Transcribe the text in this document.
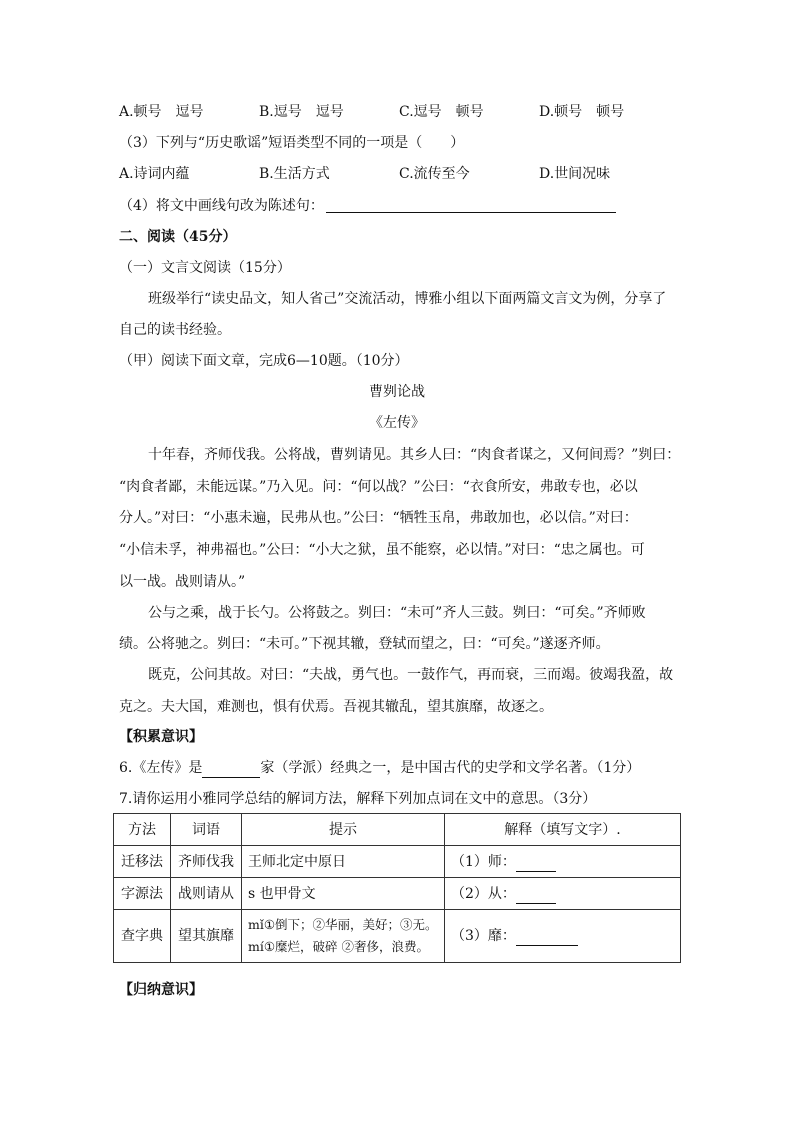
A.顿号　逗号	B.逗号　逗号	C.逗号　顿号	D.顿号　顿号
（3）下列与“历史歌谣”短语类型不同的一项是（　　）
A.诗词内蕴	B.生活方式	C.流传至今	D.世间况味
（4）将文中画线句改为陈述句：
二、阅读（45分）
（一）文言文阅读（15分）
班级举行“读史品文，知人省己”交流活动，博雅小组以下面两篇文言文为例，分享了
自己的读书经验。
（甲）阅读下面文章，完成6—10题。（10分）
曹刿论战
《左传》
十年春，齐师伐我。公将战，曹刿请见。其乡人曰：“肉食者谋之，又何间焉？”刿曰：
“肉食者鄙，未能远谋。”乃入见。问：“何以战？”公曰：“衣食所安，弗敢专也，必以
分人。”对曰：“小惠未遍，民弗从也。”公曰：“牺牲玉帛，弗敢加也，必以信。”对曰：
“小信未孚，神弗福也。”公曰：“小大之狱，虽不能察，必以情。”对曰：“忠之属也。可
以一战。战则请从。”
公与之乘，战于长勺。公将鼓之。刿曰：“未可”齐人三鼓。刿曰：“可矣。”齐师败
绩。公将驰之。刿曰：“未可。”下视其辙，登轼而望之，曰：“可矣。”遂逐齐师。
既克，公问其故。对曰：“夫战，勇气也。一鼓作气，再而衰，三而竭。彼竭我盈，故
克之。夫大国，难测也，惧有伏焉。吾视其辙乱，望其旗靡，故逐之。
【积累意识】
6.《左传》是	家（学派）经典之一，是中国古代的史学和文学名著。（1分）
7.请你运用小雅同学总结的解词方法，解释下列加点词在文中的意思。（3分）
方法	词语	提示	解释（填写文字）.
迁移法	齐师伐我	王师北定中原日	（1）师：
字源法	战则请从	s 也甲骨文	（2）从：
查字典	望其旗靡	mǐ①倒下；②华丽，美好；③无。
mí①糜烂，破碎 ②奢侈，浪费。	（3）靡：
【归纳意识】
